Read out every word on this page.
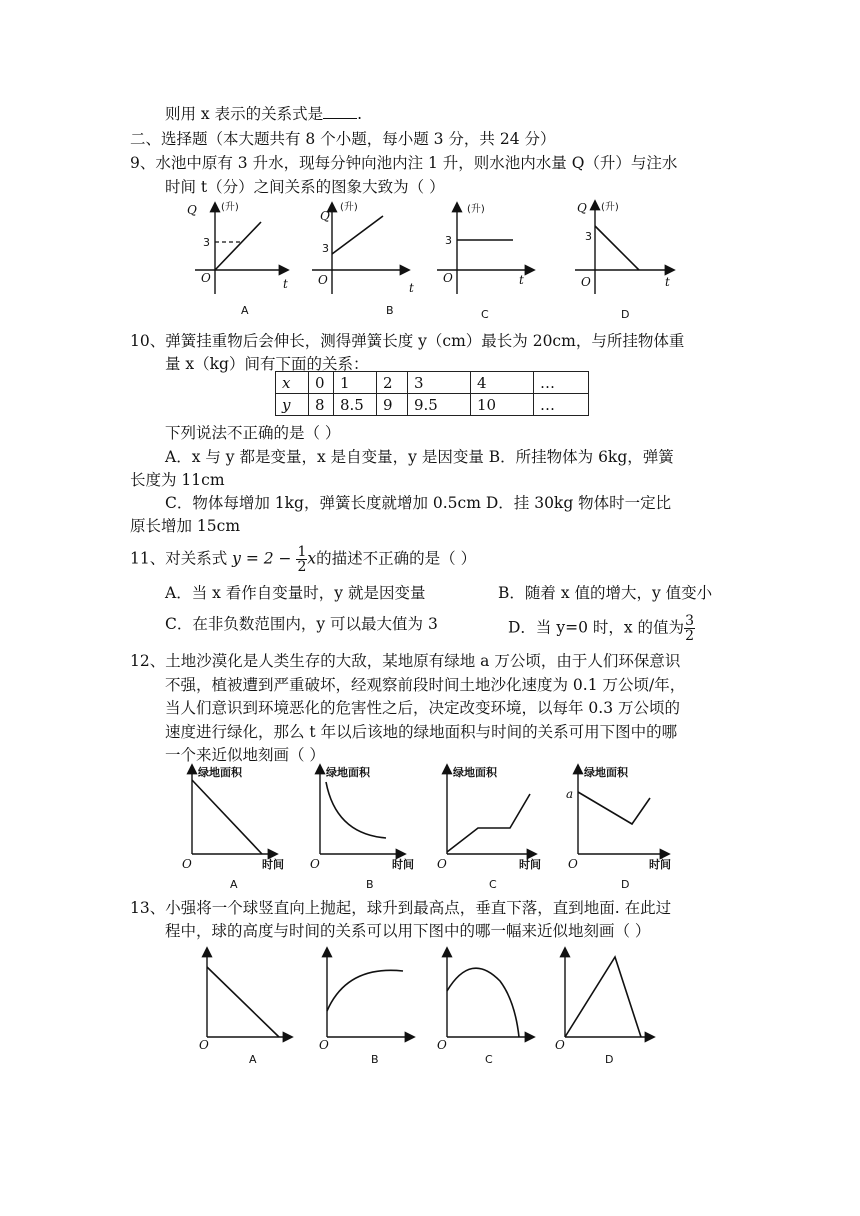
则用 x 表示的关系式是 .
二、选择题（本大题共有 8 个小题，每小题 3 分，共 24 分）
9、水池中原有 3 升水，现每分钟向池内注 1 升，则水池内水量 Q（升）与注水
时间 t（分）之间关系的图象大致为（ ）
Q (升)
3
O	t
A
Q
(升)
3
O
t
B
(升)
3
O	t
C
Q (升)
3
O	t
D
10、弹簧挂重物后会伸长，测得弹簧长度 y（cm）最长为 20cm，与所挂物体重
量 x（kg）间有下面的关系：
x	0	1	2	3	4	…
y	8	8.5	9	9.5	10	…
下列说法不正确的是（ ）
A．x 与 y 都是变量，x 是自变量，y 是因变量 B．所挂物体为 6kg，弹簧
长度为 11cm
C．物体每增加 1kg，弹簧长度就增加 0.5cm D．挂 30kg 物体时一定比
原长增加 15cm
11、对关系式 $y = 2 - \frac{1}{2}$ x的描述不正确的是（ ）
A．当 x 看作自变量时，y 就是因变量	B．随着 x 值的增大，y 值变小
C．在非负数范围内，y 可以最大值为 3	D．当 y=0 时，x 的值为 $\frac{3}{2}$
12、土地沙漠化是人类生存的大敌，某地原有绿地 a 万公顷，由于人们环保意识
不强，植被遭到严重破坏，经观察前段时间土地沙化速度为 0.1 万公顷/年，
当人们意识到环境恶化的危害性之后，决定改变环境，以每年 0.3 万公顷的
速度进行绿化，那么 t 年以后该地的绿地面积与时间的关系可用下图中的哪
一个来近似地刻画（ ）
绿地面积
O	时间
A
绿地面积
O	时间
B
绿地面积
O	时间
C
绿地面积
a
O	时间
D
13、小强将一个球竖直向上抛起，球升到最高点，垂直下落，直到地面. 在此过
程中，球的高度与时间的关系可以用下图中的哪一幅来近似地刻画（ ）
O
A
O
B
O
C
O
D
